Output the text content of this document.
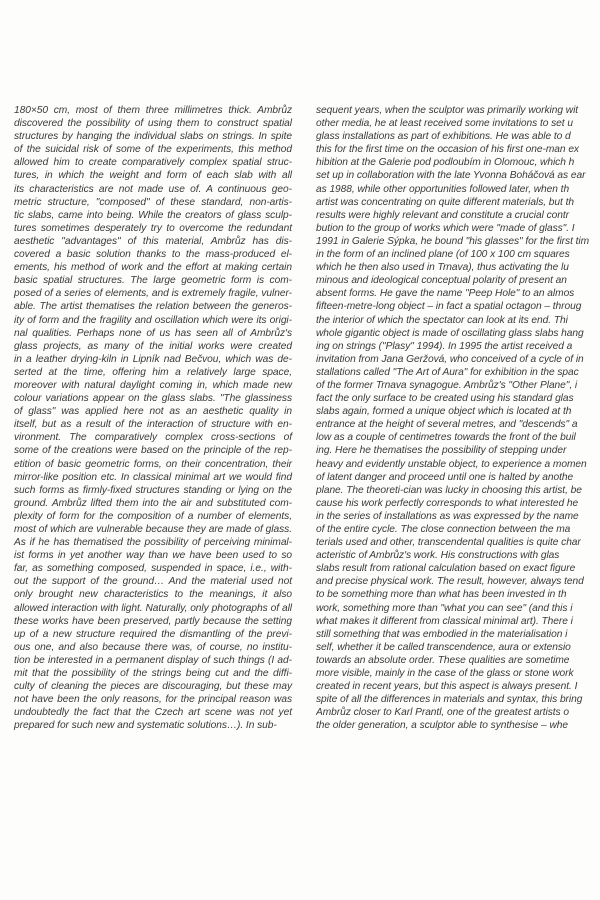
180×50 cm, most of them three millimetres thick. Ambrůz
discovered the possibility of using them to construct spatial
structures by hanging the individual slabs on strings. In spite
of the suicidal risk of some of the experiments, this method
allowed him to create comparatively complex spatial struc-
tures, in which the weight and form of each slab with all
its characteristics are not made use of. A continuous geo-
metric structure, "composed" of these standard, non-artis-
tic slabs, came into being. While the creators of glass sculp-
tures sometimes desperately try to overcome the redundant
aesthetic "advantages" of this material, Ambrůz has dis-
covered a basic solution thanks to the mass-produced el-
ements, his method of work and the effort at making certain
basic spatial structures. The large geometric form is com-
posed of a series of elements, and is extremely fragile, vulner-
able. The artist thematises the relation between the generos-
ity of form and the fragility and oscillation which were its origi-
nal qualities. Perhaps none of us has seen all of Ambrůz's
glass projects, as many of the initial works were created
in a leather drying-kiln in Lipník nad Bečvou, which was de-
serted at the time, offering him a relatively large space,
moreover with natural daylight coming in, which made new
colour variations appear on the glass slabs. "The glassiness
of glass" was applied here not as an aesthetic quality in
itself, but as a result of the interaction of structure with en-
vironment. The comparatively complex cross-sections of
some of the creations were based on the principle of the rep-
etition of basic geometric forms, on their concentration, their
mirror-like position etc. In classical minimal art we would find
such forms as firmly-fixed structures standing or lying on the
ground. Ambrůz lifted them into the air and substituted com-
plexity of form for the composition of a number of elements,
most of which are vulnerable because they are made of glass.
As if he has thematised the possibility of perceiving minimal-
ist forms in yet another way than we have been used to so
far, as something composed, suspended in space, i.e., with-
out the support of the ground… And the material used not
only brought new characteristics to the meanings, it also
allowed interaction with light. Naturally, only photographs of all
these works have been preserved, partly because the setting
up of a new structure required the dismantling of the previ-
ous one, and also because there was, of course, no institu-
tion be interested in a permanent display of such things (I ad-
mit that the possibility of the strings being cut and the diffi-
culty of cleaning the pieces are discouraging, but these may
not have been the only reasons, for the principal reason was
undoubtedly the fact that the Czech art scene was not yet
prepared for such new and systematic solutions…). In sub-

sequent years, when the sculptor was primarily working wit
other media, he at least received some invitations to set u
glass installations as part of exhibitions. He was able to d
this for the first time on the occasion of his first one-man ex
hibition at the Galerie pod podloubím in Olomouc, which h
set up in collaboration with the late Yvonna Boháčová as ear
as 1988, while other opportunities followed later, when th
artist was concentrating on quite different materials, but th
results were highly relevant and constitute a crucial contr
bution to the group of works which were "made of glass". I
1991 in Galerie Sýpka, he bound "his glasses" for the first tim
in the form of an inclined plane (of 100 x 100 cm squares
which he then also used in Trnava), thus activating the lu
minous and ideological conceptual polarity of present an
absent forms. He gave the name "Peep Hole" to an almos
fifteen-metre-long object – in fact a spatial octagon – throug
the interior of which the spectator can look at its end. Thi
whole gigantic object is made of oscillating glass slabs hang
ing on strings ("Plasy" 1994). In 1995 the artist received a
invitation from Jana Geržová, who conceived of a cycle of in
stallations called "The Art of Aura" for exhibition in the spac
of the former Trnava synagogue. Ambrůz's "Other Plane", i
fact the only surface to be created using his standard glas
slabs again, formed a unique object which is located at th
entrance at the height of several metres, and "descends" a
low as a couple of centimetres towards the front of the buil
ing. Here he thematises the possibility of stepping under
heavy and evidently unstable object, to experience a momen
of latent danger and proceed until one is halted by anothe
plane. The theoreti-cian was lucky in choosing this artist, be
cause his work perfectly corresponds to what interested he
in the series of installations as was expressed by the name
of the entire cycle. The close connection between the ma
terials used and other, transcendental qualities is quite char
acteristic of Ambrůz's work. His constructions with glas
slabs result from rational calculation based on exact figure
and precise physical work. The result, however, always tend
to be something more than what has been invested in th
work, something more than "what you can see" (and this i
what makes it different from classical minimal art). There i
still something that was embodied in the materialisation i
self, whether it be called transcendence, aura or extensio
towards an absolute order. These qualities are sometime
more visible, mainly in the case of the glass or stone work
created in recent years, but this aspect is always present. I
spite of all the differences in materials and syntax, this bring
Ambrůz closer to Karl Prantl, one of the greatest artists o
the older generation, a sculptor able to synthesise – whe
